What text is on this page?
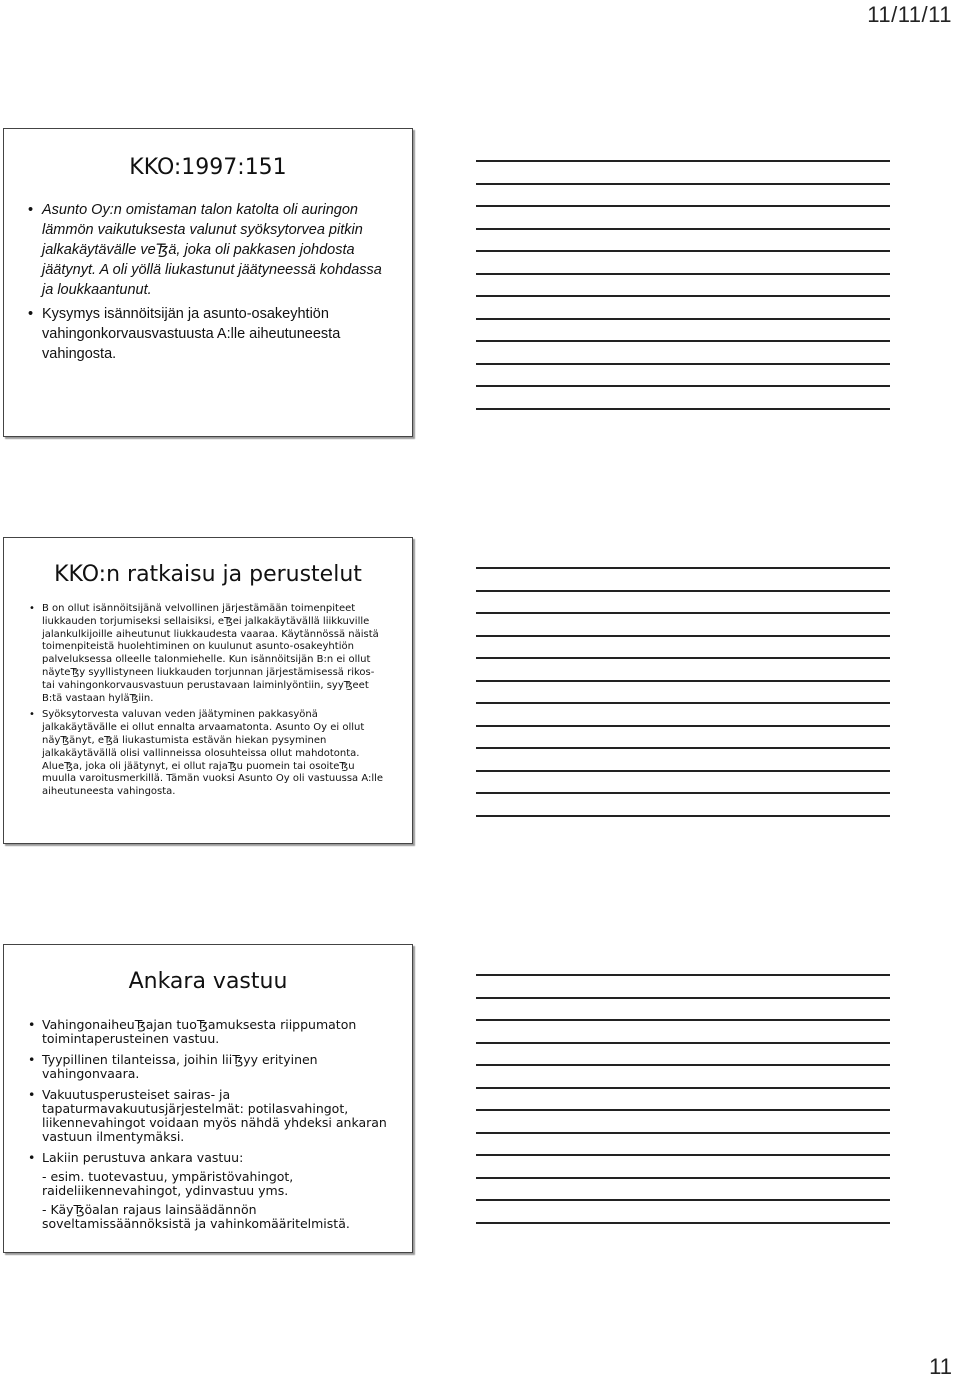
11/11/11
KKO:1997:151
• Asunto Oy:n omistaman talon katolta oli auringon lämmön vaikutuksesta valunut syöksytorvea pitkin jalkakäytävälle veꜨä, joka oli pakkasen johdosta jäätynyt. A oli yöllä liukastunut jäätyneessä kohdassa ja loukkaantunut.
• Kysymys isännöitsijän ja asunto-osakeyhtiön vahingonkorvausvastuusta A:lle aiheutuneesta vahingosta.
KKO:n ratkaisu ja perustelut
• B on ollut isännöitsijänä velvollinen järjestämään toimenpiteet liukkauden torjumiseksi sellaisiksi, eꜨei jalkakäytävällä liikkuville jalankulkijoille aiheutunut liukkaudesta vaaraa. Käytännössä näistä toimenpiteistä huolehtiminen on kuulunut asunto-osakeyhtiön palveluksessa olleelle talonmiehelle. Kun isännöitsijän B:n ei ollut näyteꜨy syyllistyneen liukkauden torjunnan järjestämisessä rikos- tai vahingonkorvausvastuun perustavaan laiminlyöntiin, syyꜨeet B:tä vastaan hyläꜨiin.
• Syöksytorvesta valuvan veden jäätyminen pakkasyönä jalkakäytävälle ei ollut ennalta arvaamatonta. Asunto Oy ei ollut näyꜨänyt, eꜨä liukastumista estävän hiekan pysyminen jalkakäytävällä olisi vallinneissa olosuhteissa ollut mahdotonta. AlueꜨa, joka oli jäätynyt, ei ollut rajaꜨu puomein tai osoiteꜨu muulla varoitusmerkillä. Tämän vuoksi Asunto Oy oli vastuussa A:lle aiheutuneesta vahingosta.
Ankara vastuu
• VahingonaiheuꜨajan tuoꜨamuksesta riippumaton toimintaperusteinen vastuu.
• Tyypillinen tilanteissa, joihin liiꜨyy erityinen vahingonvaara.
• Vakuutusperusteiset sairas- ja tapaturmavakuutusjärjestelmät: potilasvahingot, liikennevahingot voidaan myös nähdä yhdeksi ankaran vastuun ilmentymäksi.
• Lakiin perustuva ankara vastuu:
- esim. tuotevastuu, ympäristövahingot, raideliikennevahingot, ydinvastuu yms.
- KäyꜨöalan rajaus lainsäädännön soveltamissäännöksistä ja vahinkomääritelmistä.
11
